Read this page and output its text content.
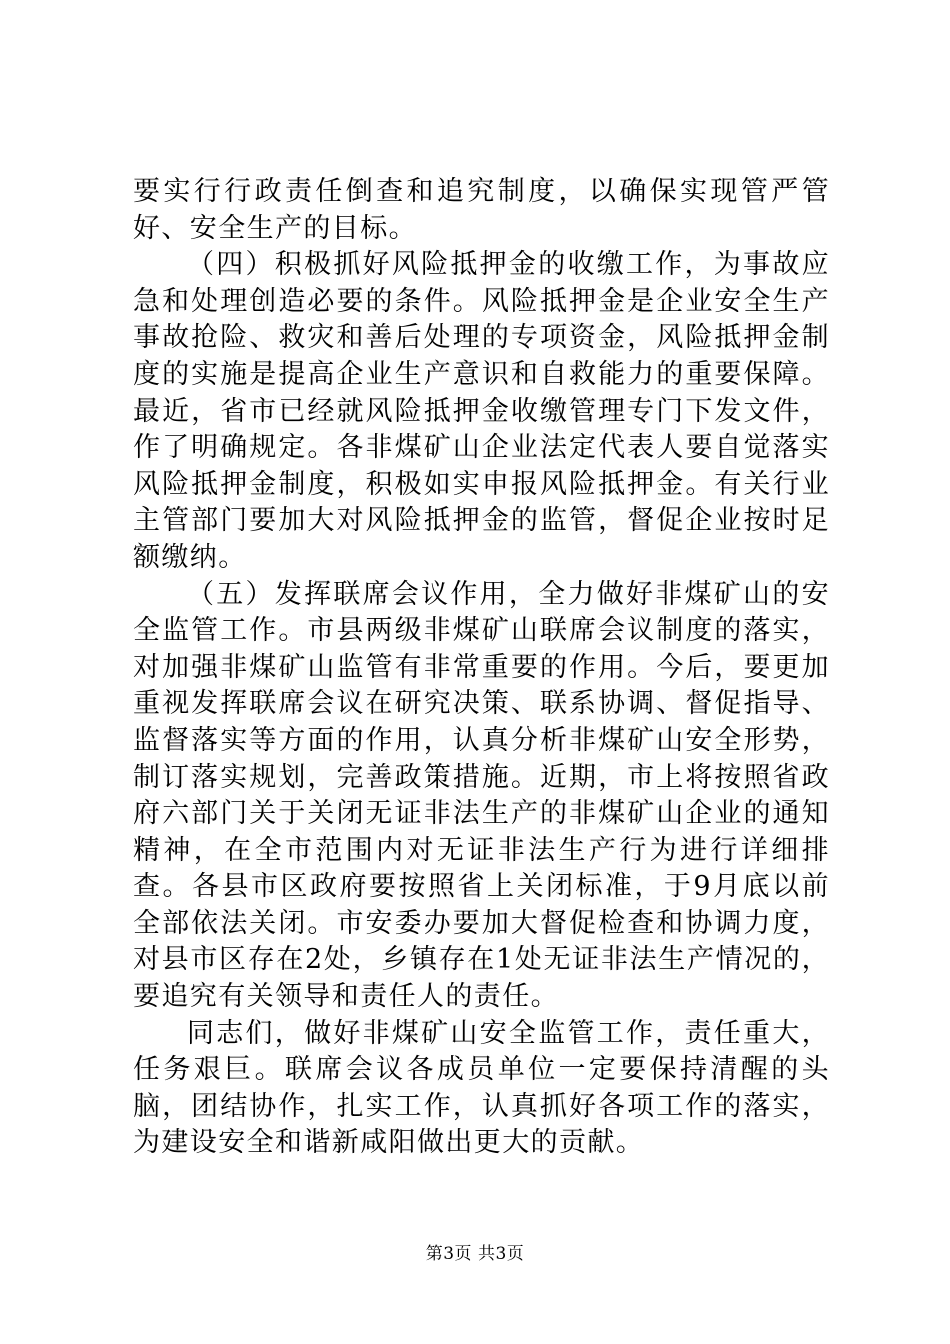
要实行行政责任倒查和追究制度，以确保实现管严管好、安全生产的目标。

（四）积极抓好风险抵押金的收缴工作，为事故应急和处理创造必要的条件。风险抵押金是企业安全生产事故抢险、救灾和善后处理的专项资金，风险抵押金制度的实施是提高企业生产意识和自救能力的重要保障。最近，省市已经就风险抵押金收缴管理专门下发文件，作了明确规定。各非煤矿山企业法定代表人要自觉落实风险抵押金制度，积极如实申报风险抵押金。有关行业主管部门要加大对风险抵押金的监管，督促企业按时足额缴纳。

（五）发挥联席会议作用，全力做好非煤矿山的安全监管工作。市县两级非煤矿山联席会议制度的落实，对加强非煤矿山监管有非常重要的作用。今后，要更加重视发挥联席会议在研究决策、联系协调、督促指导、监督落实等方面的作用，认真分析非煤矿山安全形势，制订落实规划，完善政策措施。近期，市上将按照省政府六部门关于关闭无证非法生产的非煤矿山企业的通知精神，在全市范围内对无证非法生产行为进行详细排查。各县市区政府要按照省上关闭标准，于9月底以前全部依法关闭。市安委办要加大督促检查和协调力度，对县市区存在2处，乡镇存在1处无证非法生产情况的，要追究有关领导和责任人的责任。

同志们，做好非煤矿山安全监管工作，责任重大，任务艰巨。联席会议各成员单位一定要保持清醒的头脑，团结协作，扎实工作，认真抓好各项工作的落实，为建设安全和谐新咸阳做出更大的贡献。

第3页 共3页
